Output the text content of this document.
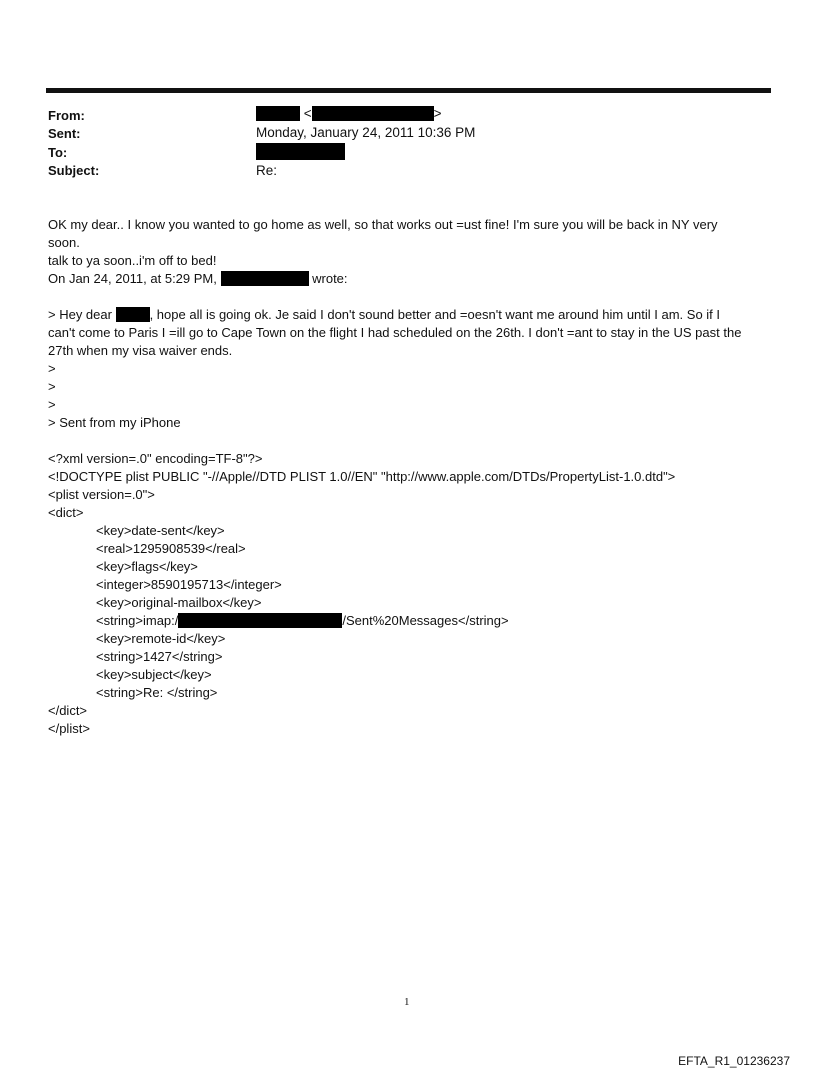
From:	<	>
Sent:	Monday, January 24, 2011 10:36 PM
To:
Subject:	Re:
OK my dear.. I know you wanted to go home as well, so that works out =ust fine! I'm sure you will be back in NY very
soon.
talk to ya soon..i'm off to bed!
On Jan 24, 2011, at 5:29 PM,	wrote:
> Hey dear	, hope all is going ok. Je said I don't sound better and =oesn't want me around him until I am. So if I
can't come to Paris I =ill go to Cape Town on the flight I had scheduled on the 26th. I don't =ant to stay in the US past the
27th when my visa waiver ends.
>
>
>
> Sent from my iPhone
<?xml version=.0" encoding=TF-8"?>
<!DOCTYPE plist PUBLIC "-//Apple//DTD PLIST 1.0//EN" "http://www.apple.com/DTDs/PropertyList-1.0.dtd">
<plist version=.0">
<dict>
<key>date-sent</key>
<real>1295908539</real>
<key>flags</key>
<integer>8590195713</integer>
<key>original-mailbox</key>
<string>imap:/	/Sent%20Messages</string>
<key>remote-id</key>
<string>1427</string>
<key>subject</key>
<string>Re: </string>
</dict>
</plist>
1
EFTA_R1_01236237
